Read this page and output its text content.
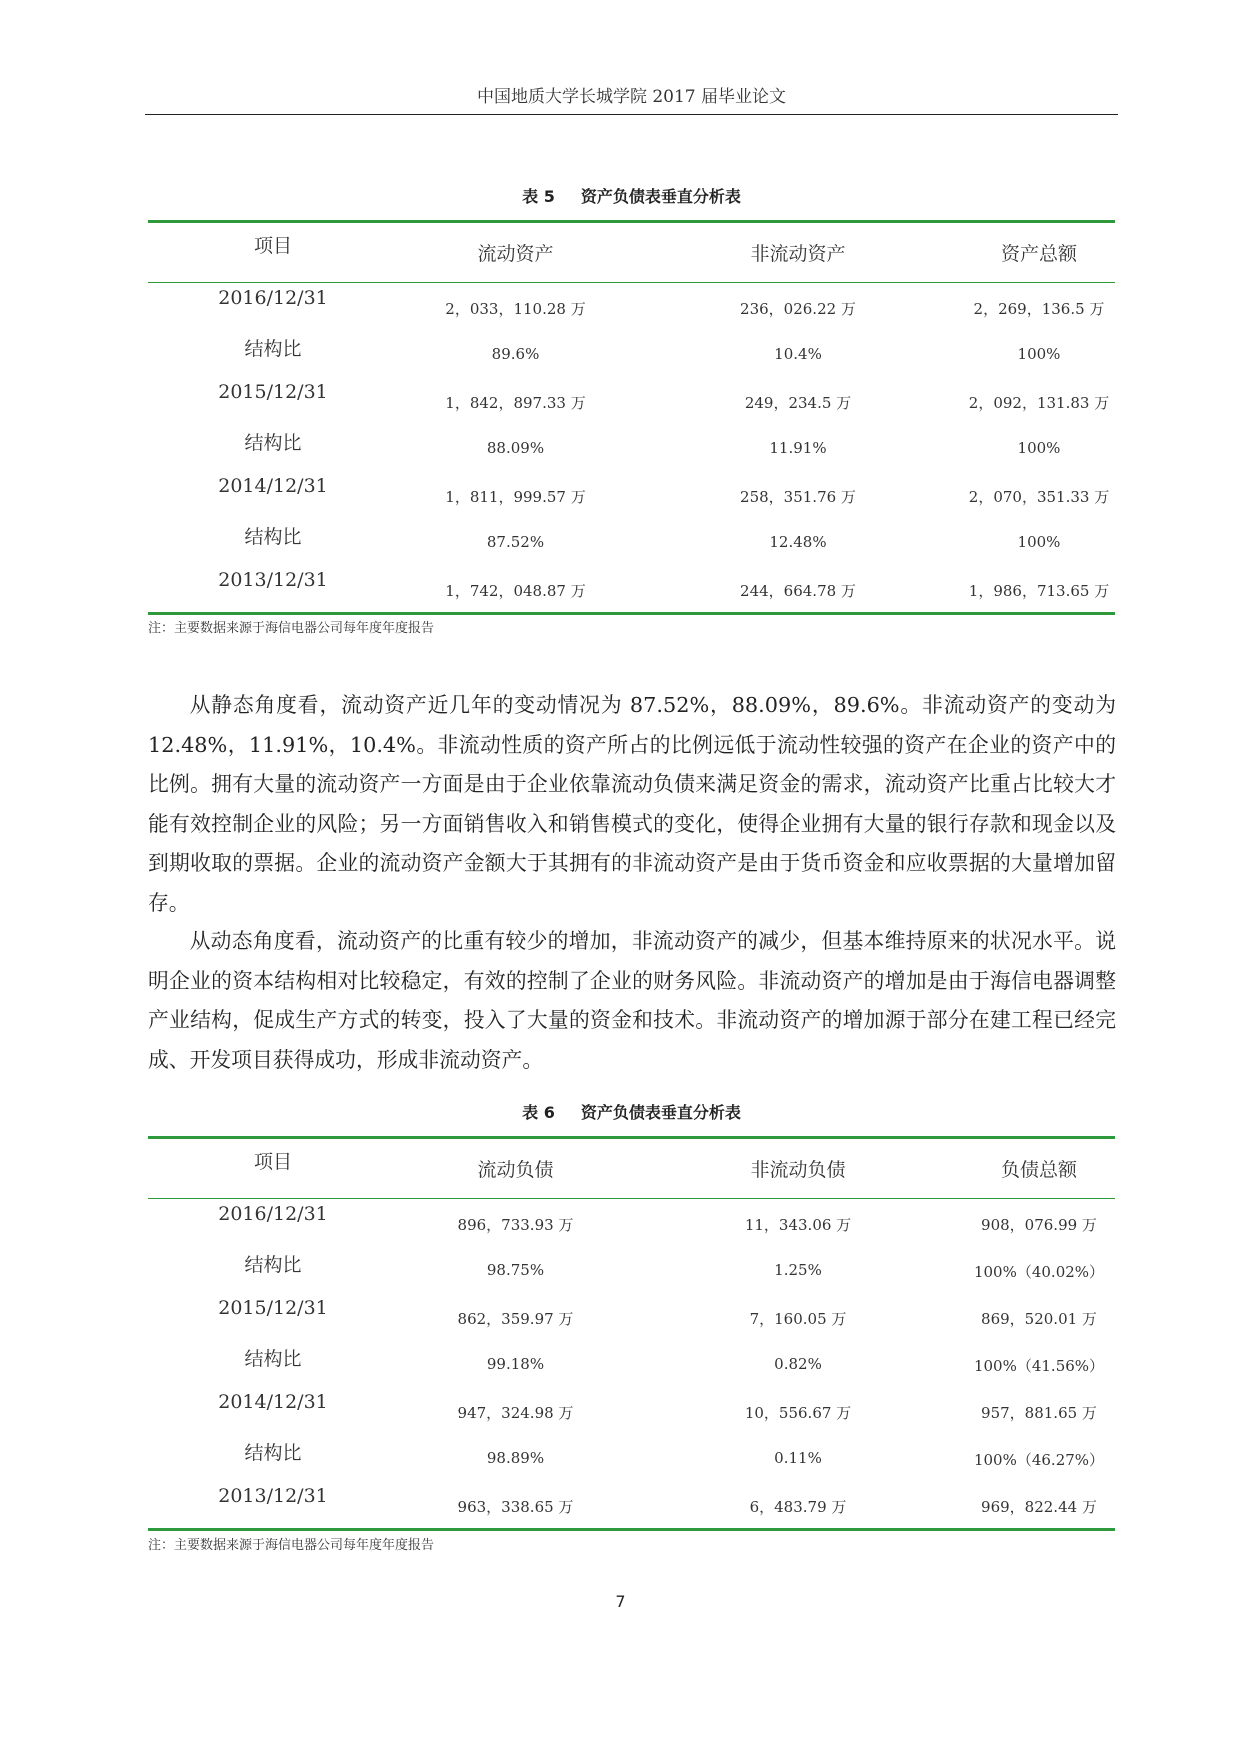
中国地质大学长城学院 2017 届毕业论文
表 5 资产负债表垂直分析表
项目	流动资产	非流动资产	资产总额

2016/12/31	2，033，110.28 万	236，026.22 万	2，269，136.5 万

结构比	89.6%	10.4%	100%

2015/12/31	1，842，897.33 万	249，234.5 万	2，092，131.83 万

结构比	88.09%	11.91%	100%

2014/12/31	1，811，999.57 万	258，351.76 万	2，070，351.33 万

结构比	87.52%	12.48%	100%

2013/12/31	1，742，048.87 万	244，664.78 万	1，986，713.65 万
注：主要数据来源于海信电器公司每年度年度报告

从静态角度看，流动资产近几年的变动情况为 87.52%，88.09%，89.6%。非流动资产的变动为 12.48%，11.91%，10.4%。非流动性质的资产所占的比例远低于流动性较强的资产在企业的资产中的比例。拥有大量的流动资产一方面是由于企业依靠流动负债来满足资金的需求，流动资产比重占比较大才能有效控制企业的风险；另一方面销售收入和销售模式的变化，使得企业拥有大量的银行存款和现金以及到期收取的票据。企业的流动资产金额大于其拥有的非流动资产是由于货币资金和应收票据的大量增加留存。

从动态角度看，流动资产的比重有较少的增加，非流动资产的减少，但基本维持原来的状况水平。说明企业的资本结构相对比较稳定，有效的控制了企业的财务风险。非流动资产的增加是由于海信电器调整产业结构，促成生产方式的转变，投入了大量的资金和技术。非流动资产的增加源于部分在建工程已经完成、开发项目获得成功，形成非流动资产。

表 6 资产负债表垂直分析表
项目	流动负债	非流动负债	负债总额

2016/12/31	896，733.93 万	11，343.06 万	908，076.99 万

结构比	98.75%	1.25%	100%（40.02%）

2015/12/31	862，359.97 万	7，160.05 万	869，520.01 万

结构比	99.18%	0.82%	100%（41.56%）

2014/12/31	947，324.98 万	10，556.67 万	957，881.65 万

结构比	98.89%	0.11%	100%（46.27%）

2013/12/31	963，338.65 万	6，483.79 万	969，822.44 万
注：主要数据来源于海信电器公司每年度年度报告
7
